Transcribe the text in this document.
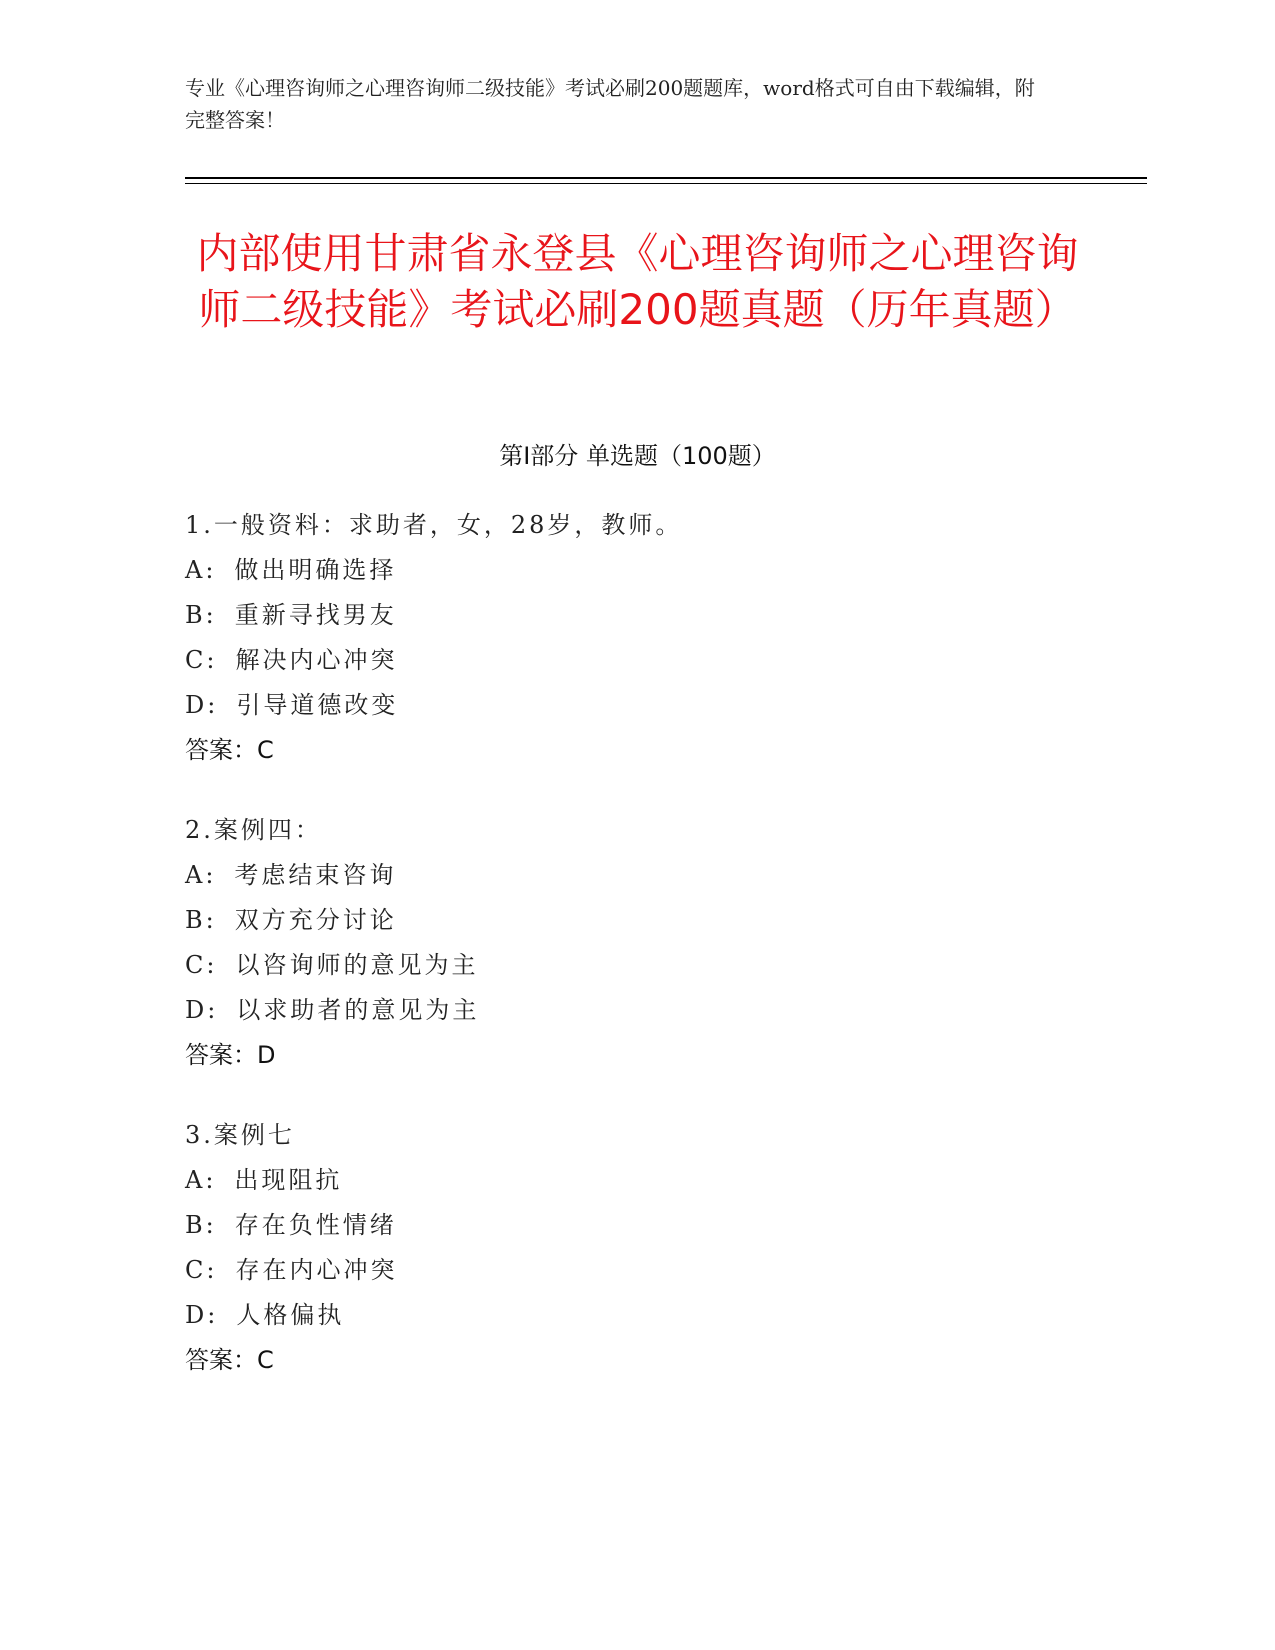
专业《心理咨询师之心理咨询师二级技能》考试必刷200题题库，word格式可自由下载编辑，附完整答案！

内部使用甘肃省永登县《心理咨询师之心理咨询师二级技能》考试必刷200题真题（历年真题）
第Ⅰ部分 单选题（100题）
1.一般资料：求助者，女，28岁，教师。
A: 做出明确选择
B: 重新寻找男友
C: 解决内心冲突
D: 引导道德改变
答案：C
2.案例四：
A: 考虑结束咨询
B: 双方充分讨论
C: 以咨询师的意见为主
D: 以求助者的意见为主
答案：D
3.案例七
A: 出现阻抗
B: 存在负性情绪
C: 存在内心冲突
D: 人格偏执
答案：C
